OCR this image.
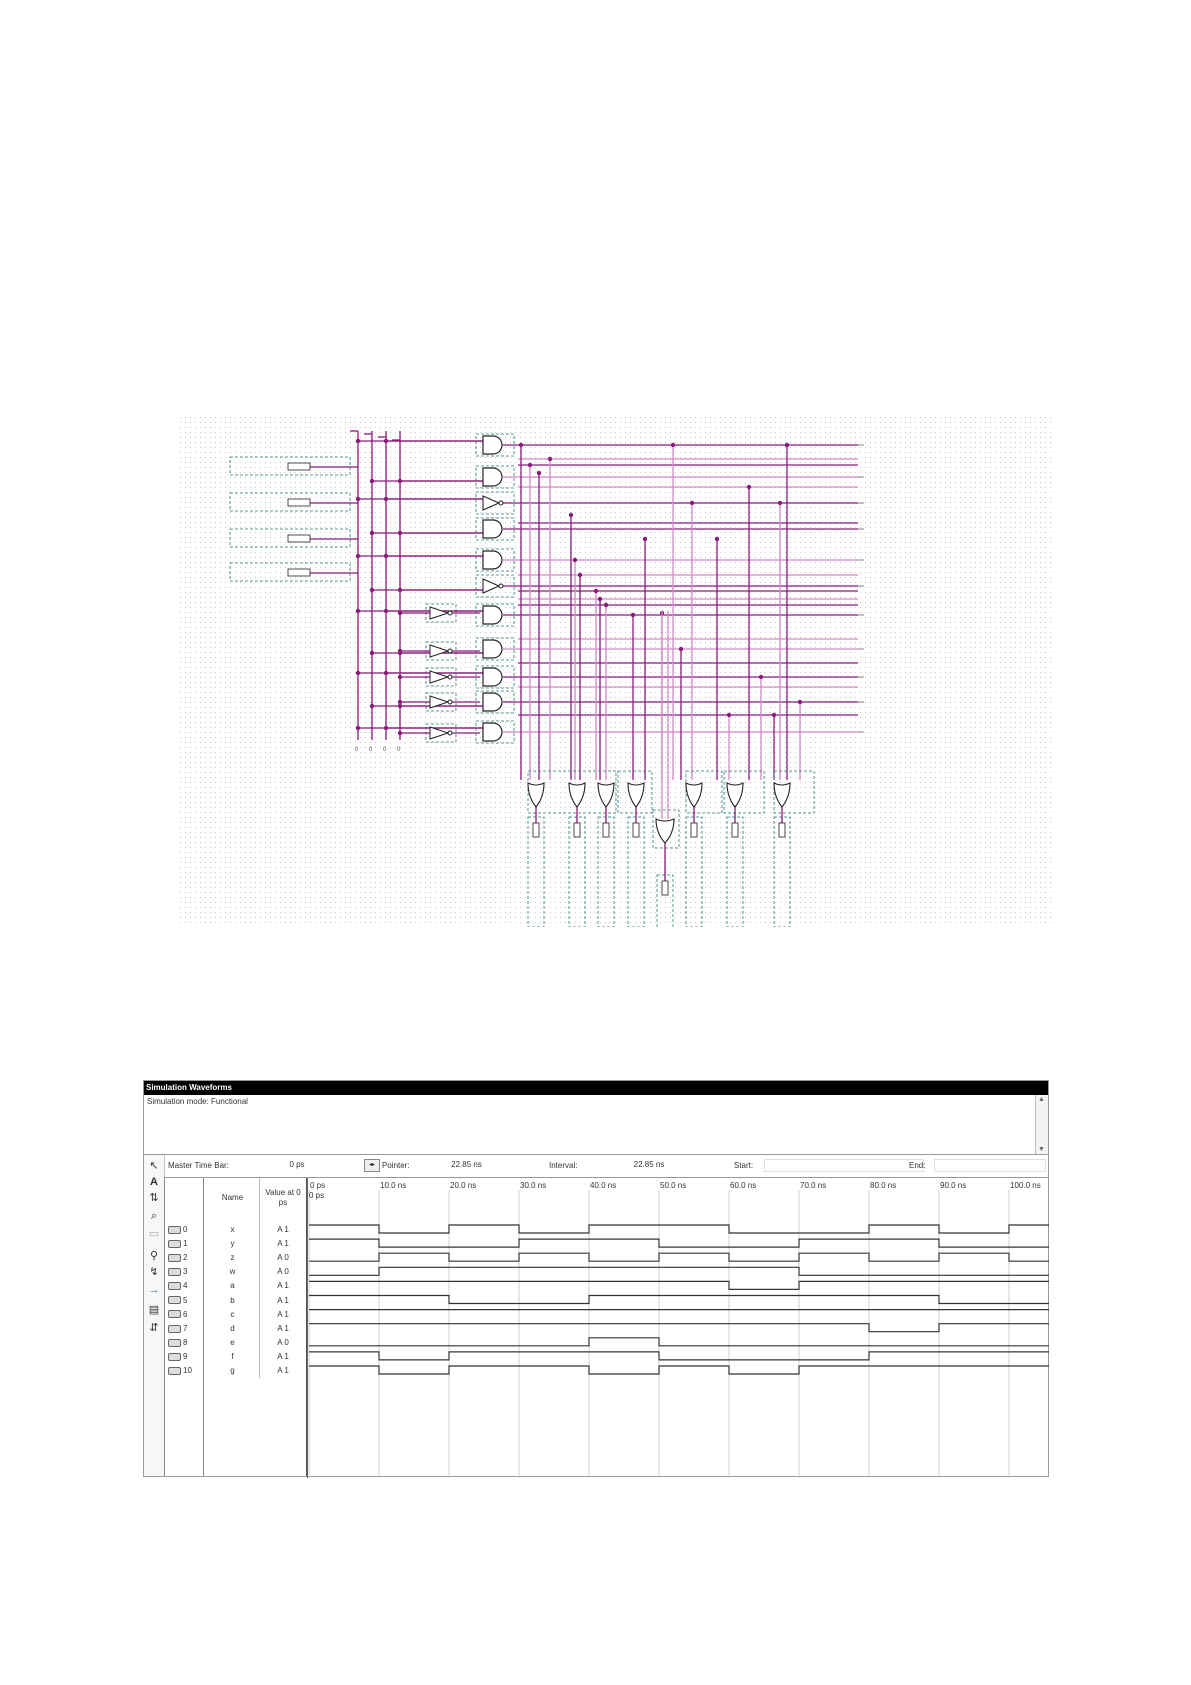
0 0 0 0
Simulation Waveforms
Simulation mode: Functional	▲
▼
↖
A
⇅
⌕
▭
⚲
↯
→
▤
⇵
Master Time Bar:	0 ps	◂▸ Pointer:	22.85 ns	Interval:	22.85 ns	Start:	End:
Name
Value at 0 ps
0	x	A 1
1	y	A 1
2	z	A 0
3	w	A 0
4	a	A 1
5	b	A 1
6	c	A 1
7	d	A 1
8	e	A 0
9	f	A 1
10	g	A 1
0 ps	10.0 ns	20.0 ns	30.0 ns	40.0 ns	50.0 ns	60.0 ns	70.0 ns	80.0 ns	90.0 ns	100.0 ns
0 ps
